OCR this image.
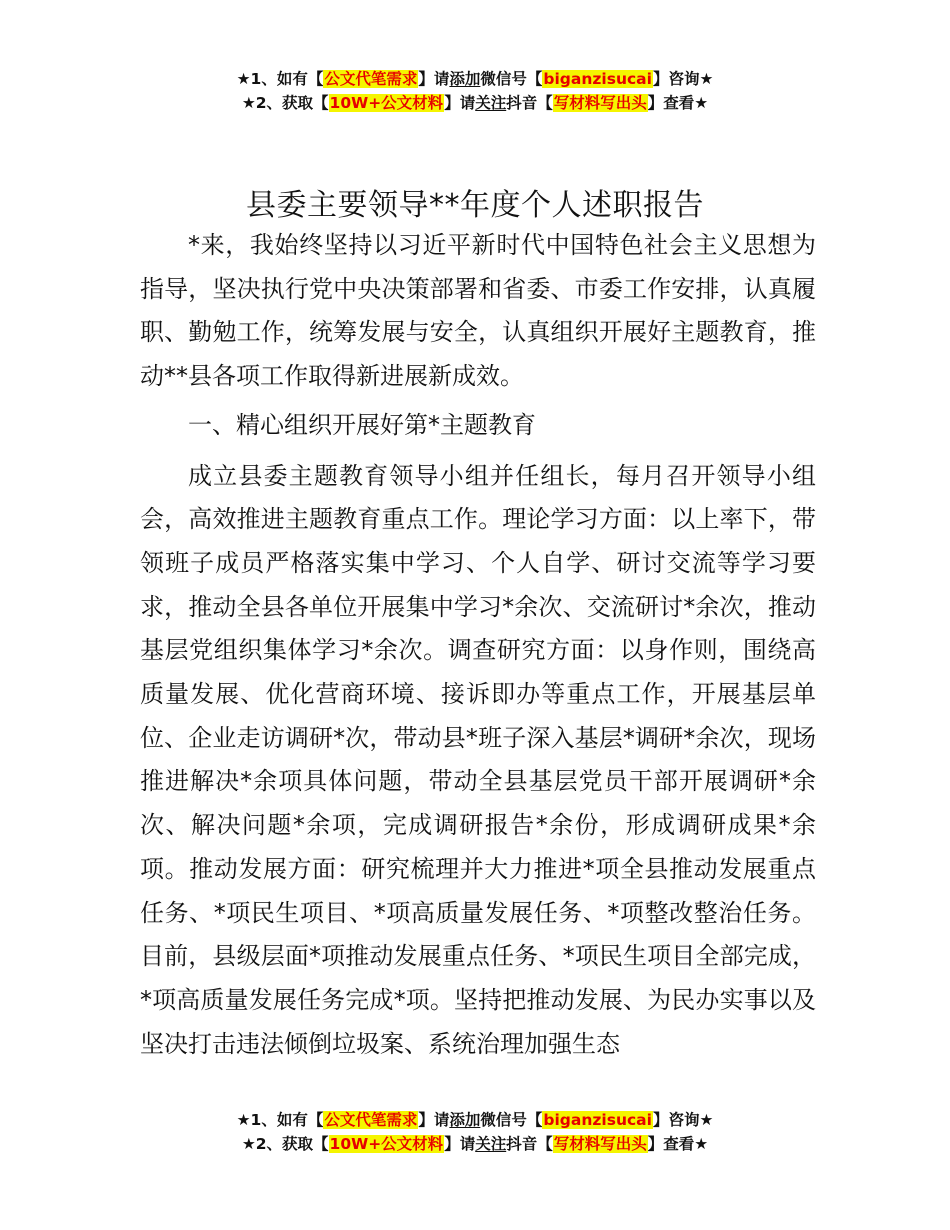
★1、如有【公文代笔需求】请添加微信号【biganzisucai】咨询★
★2、获取【10W+公文材料】请关注抖音【写材料写出头】查看★
县委主要领导**年度个人述职报告

*来，我始终坚持以习近平新时代中国特色社会主义思想为指导，坚决执行党中央决策部署和省委、市委工作安排，认真履职、勤勉工作，统筹发展与安全，认真组织开展好主题教育，推动**县各项工作取得新进展新成效。

一、精心组织开展好第*主题教育

成立县委主题教育领导小组并任组长，每月召开领导小组会，高效推进主题教育重点工作。理论学习方面：以上率下，带领班子成员严格落实集中学习、个人自学、研讨交流等学习要求，推动全县各单位开展集中学习*余次、交流研讨*余次，推动基层党组织集体学习*余次。调查研究方面：以身作则，围绕高质量发展、优化营商环境、接诉即办等重点工作，开展基层单位、企业走访调研*次，带动县*班子深入基层*调研*余次，现场推进解决*余项具体问题，带动全县基层党员干部开展调研*余次、解决问题*余项，完成调研报告*余份，形成调研成果*余项。推动发展方面：研究梳理并大力推进*项全县推动发展重点任务、*项民生项目、*项高质量发展任务、*项整改整治任务。目前，县级层面*项推动发展重点任务、*项民生项目全部完成，*项高质量发展任务完成*项。坚持把推动发展、为民办实事以及坚决打击违法倾倒垃圾案、系统治理加强生态

★1、如有【公文代笔需求】请添加微信号【biganzisucai】咨询★
★2、获取【10W+公文材料】请关注抖音【写材料写出头】查看★
